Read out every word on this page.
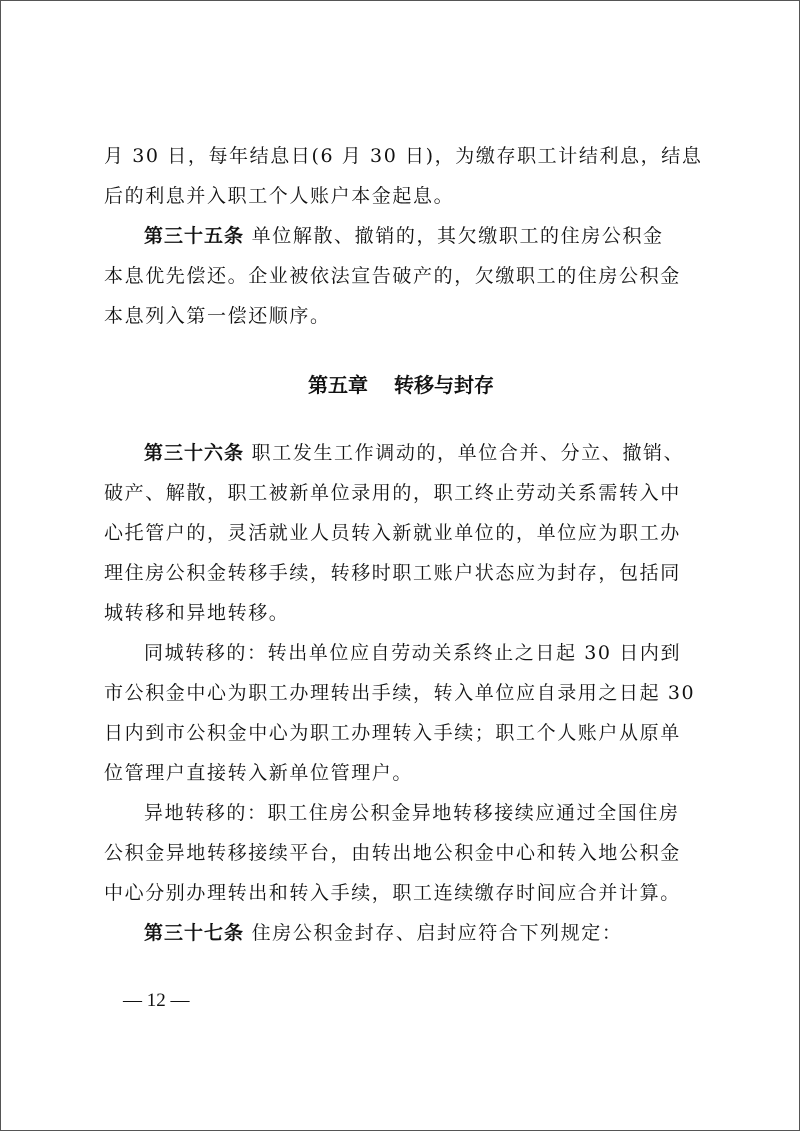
月 30 日，每年结息日(6 月 30 日)，为缴存职工计结利息，结息
后的利息并入职工个人账户本金起息。
第三十五条 单位解散、撤销的，其欠缴职工的住房公积金
本息优先偿还。企业被依法宣告破产的，欠缴职工的住房公积金
本息列入第一偿还顺序。
第五章 转移与封存
第三十六条 职工发生工作调动的，单位合并、分立、撤销、
破产、解散，职工被新单位录用的，职工终止劳动关系需转入中
心托管户的，灵活就业人员转入新就业单位的，单位应为职工办
理住房公积金转移手续，转移时职工账户状态应为封存，包括同
城转移和异地转移。
同城转移的：转出单位应自劳动关系终止之日起 30 日内到
市公积金中心为职工办理转出手续，转入单位应自录用之日起 30
日内到市公积金中心为职工办理转入手续；职工个人账户从原单
位管理户直接转入新单位管理户。
异地转移的：职工住房公积金异地转移接续应通过全国住房
公积金异地转移接续平台，由转出地公积金中心和转入地公积金
中心分别办理转出和转入手续，职工连续缴存时间应合并计算。
第三十七条 住房公积金封存、启封应符合下列规定：
— 12 —
